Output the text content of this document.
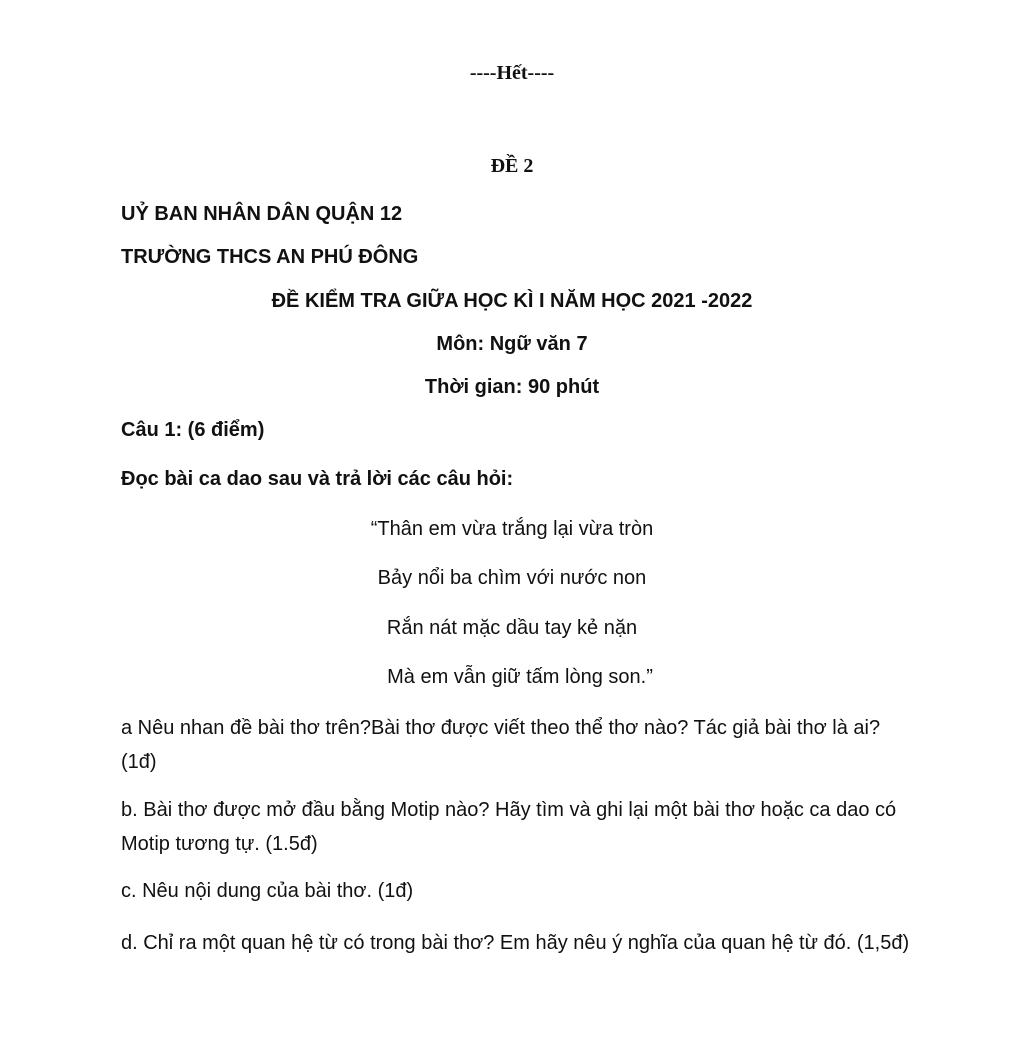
----Hết----
ĐỀ 2
UỶ BAN NHÂN DÂN QUẬN 12
TRƯỜNG THCS AN PHÚ ĐÔNG
ĐỀ KIỂM TRA GIỮA HỌC KÌ I NĂM HỌC 2021 -2022
Môn: Ngữ văn 7
Thời gian: 90 phút
Câu 1: (6 điểm)
Đọc bài ca dao sau và trả lời các câu hỏi:
“Thân em vừa trắng lại vừa tròn
Bảy nổi ba chìm với nước non
Rắn nát mặc dầu tay kẻ nặn
Mà em vẫn giữ tấm lòng son.”
a Nêu nhan đề bài thơ trên?Bài thơ được viết theo thể thơ nào? Tác giả bài thơ là ai? (1đ)
b. Bài thơ được mở đầu bằng Motip nào? Hãy tìm và ghi lại một bài thơ hoặc ca dao có Motip tương tự. (1.5đ)
c. Nêu nội dung của bài thơ. (1đ)
d. Chỉ ra một quan hệ từ có trong bài thơ? Em hãy nêu ý nghĩa của quan hệ từ đó. (1,5đ)
